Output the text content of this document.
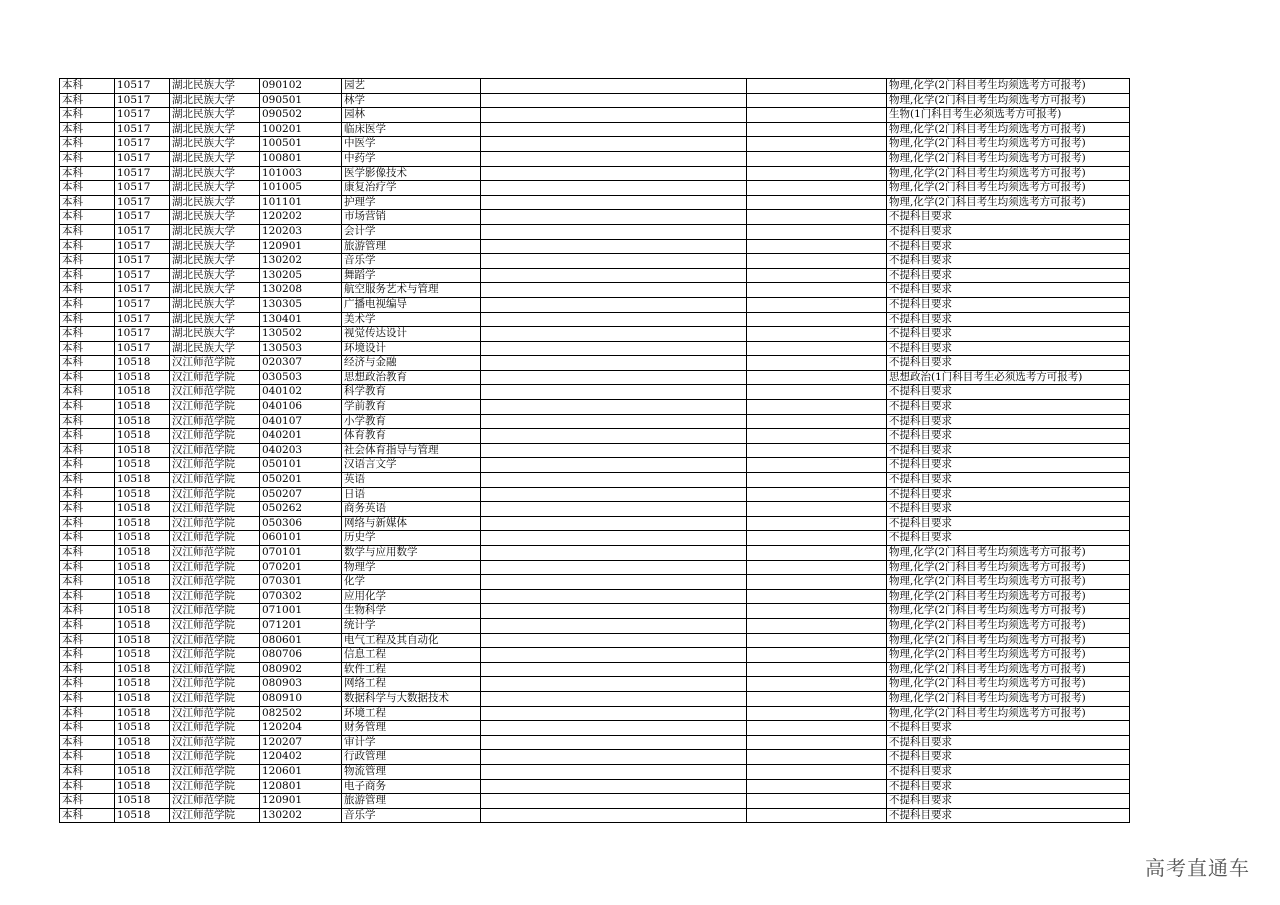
本科	10517	湖北民族大学	090102	园艺			物理,化学(2门科目考生均须选考方可报考)
本科	10517	湖北民族大学	090501	林学			物理,化学(2门科目考生均须选考方可报考)
本科	10517	湖北民族大学	090502	园林			生物(1门科目考生必须选考方可报考)
本科	10517	湖北民族大学	100201	临床医学			物理,化学(2门科目考生均须选考方可报考)
本科	10517	湖北民族大学	100501	中医学			物理,化学(2门科目考生均须选考方可报考)
本科	10517	湖北民族大学	100801	中药学			物理,化学(2门科目考生均须选考方可报考)
本科	10517	湖北民族大学	101003	医学影像技术			物理,化学(2门科目考生均须选考方可报考)
本科	10517	湖北民族大学	101005	康复治疗学			物理,化学(2门科目考生均须选考方可报考)
本科	10517	湖北民族大学	101101	护理学			物理,化学(2门科目考生均须选考方可报考)
本科	10517	湖北民族大学	120202	市场营销			不提科目要求
本科	10517	湖北民族大学	120203	会计学			不提科目要求
本科	10517	湖北民族大学	120901	旅游管理			不提科目要求
本科	10517	湖北民族大学	130202	音乐学			不提科目要求
本科	10517	湖北民族大学	130205	舞蹈学			不提科目要求
本科	10517	湖北民族大学	130208	航空服务艺术与管理			不提科目要求
本科	10517	湖北民族大学	130305	广播电视编导			不提科目要求
本科	10517	湖北民族大学	130401	美术学			不提科目要求
本科	10517	湖北民族大学	130502	视觉传达设计			不提科目要求
本科	10517	湖北民族大学	130503	环境设计			不提科目要求
本科	10518	汉江师范学院	020307	经济与金融			不提科目要求
本科	10518	汉江师范学院	030503	思想政治教育			思想政治(1门科目考生必须选考方可报考)
本科	10518	汉江师范学院	040102	科学教育			不提科目要求
本科	10518	汉江师范学院	040106	学前教育			不提科目要求
本科	10518	汉江师范学院	040107	小学教育			不提科目要求
本科	10518	汉江师范学院	040201	体育教育			不提科目要求
本科	10518	汉江师范学院	040203	社会体育指导与管理			不提科目要求
本科	10518	汉江师范学院	050101	汉语言文学			不提科目要求
本科	10518	汉江师范学院	050201	英语			不提科目要求
本科	10518	汉江师范学院	050207	日语			不提科目要求
本科	10518	汉江师范学院	050262	商务英语			不提科目要求
本科	10518	汉江师范学院	050306	网络与新媒体			不提科目要求
本科	10518	汉江师范学院	060101	历史学			不提科目要求
本科	10518	汉江师范学院	070101	数学与应用数学			物理,化学(2门科目考生均须选考方可报考)
本科	10518	汉江师范学院	070201	物理学			物理,化学(2门科目考生均须选考方可报考)
本科	10518	汉江师范学院	070301	化学			物理,化学(2门科目考生均须选考方可报考)
本科	10518	汉江师范学院	070302	应用化学			物理,化学(2门科目考生均须选考方可报考)
本科	10518	汉江师范学院	071001	生物科学			物理,化学(2门科目考生均须选考方可报考)
本科	10518	汉江师范学院	071201	统计学			物理,化学(2门科目考生均须选考方可报考)
本科	10518	汉江师范学院	080601	电气工程及其自动化			物理,化学(2门科目考生均须选考方可报考)
本科	10518	汉江师范学院	080706	信息工程			物理,化学(2门科目考生均须选考方可报考)
本科	10518	汉江师范学院	080902	软件工程			物理,化学(2门科目考生均须选考方可报考)
本科	10518	汉江师范学院	080903	网络工程			物理,化学(2门科目考生均须选考方可报考)
本科	10518	汉江师范学院	080910	数据科学与大数据技术			物理,化学(2门科目考生均须选考方可报考)
本科	10518	汉江师范学院	082502	环境工程			物理,化学(2门科目考生均须选考方可报考)
本科	10518	汉江师范学院	120204	财务管理			不提科目要求
本科	10518	汉江师范学院	120207	审计学			不提科目要求
本科	10518	汉江师范学院	120402	行政管理			不提科目要求
本科	10518	汉江师范学院	120601	物流管理			不提科目要求
本科	10518	汉江师范学院	120801	电子商务			不提科目要求
本科	10518	汉江师范学院	120901	旅游管理			不提科目要求
本科	10518	汉江师范学院	130202	音乐学			不提科目要求
高考直通车
